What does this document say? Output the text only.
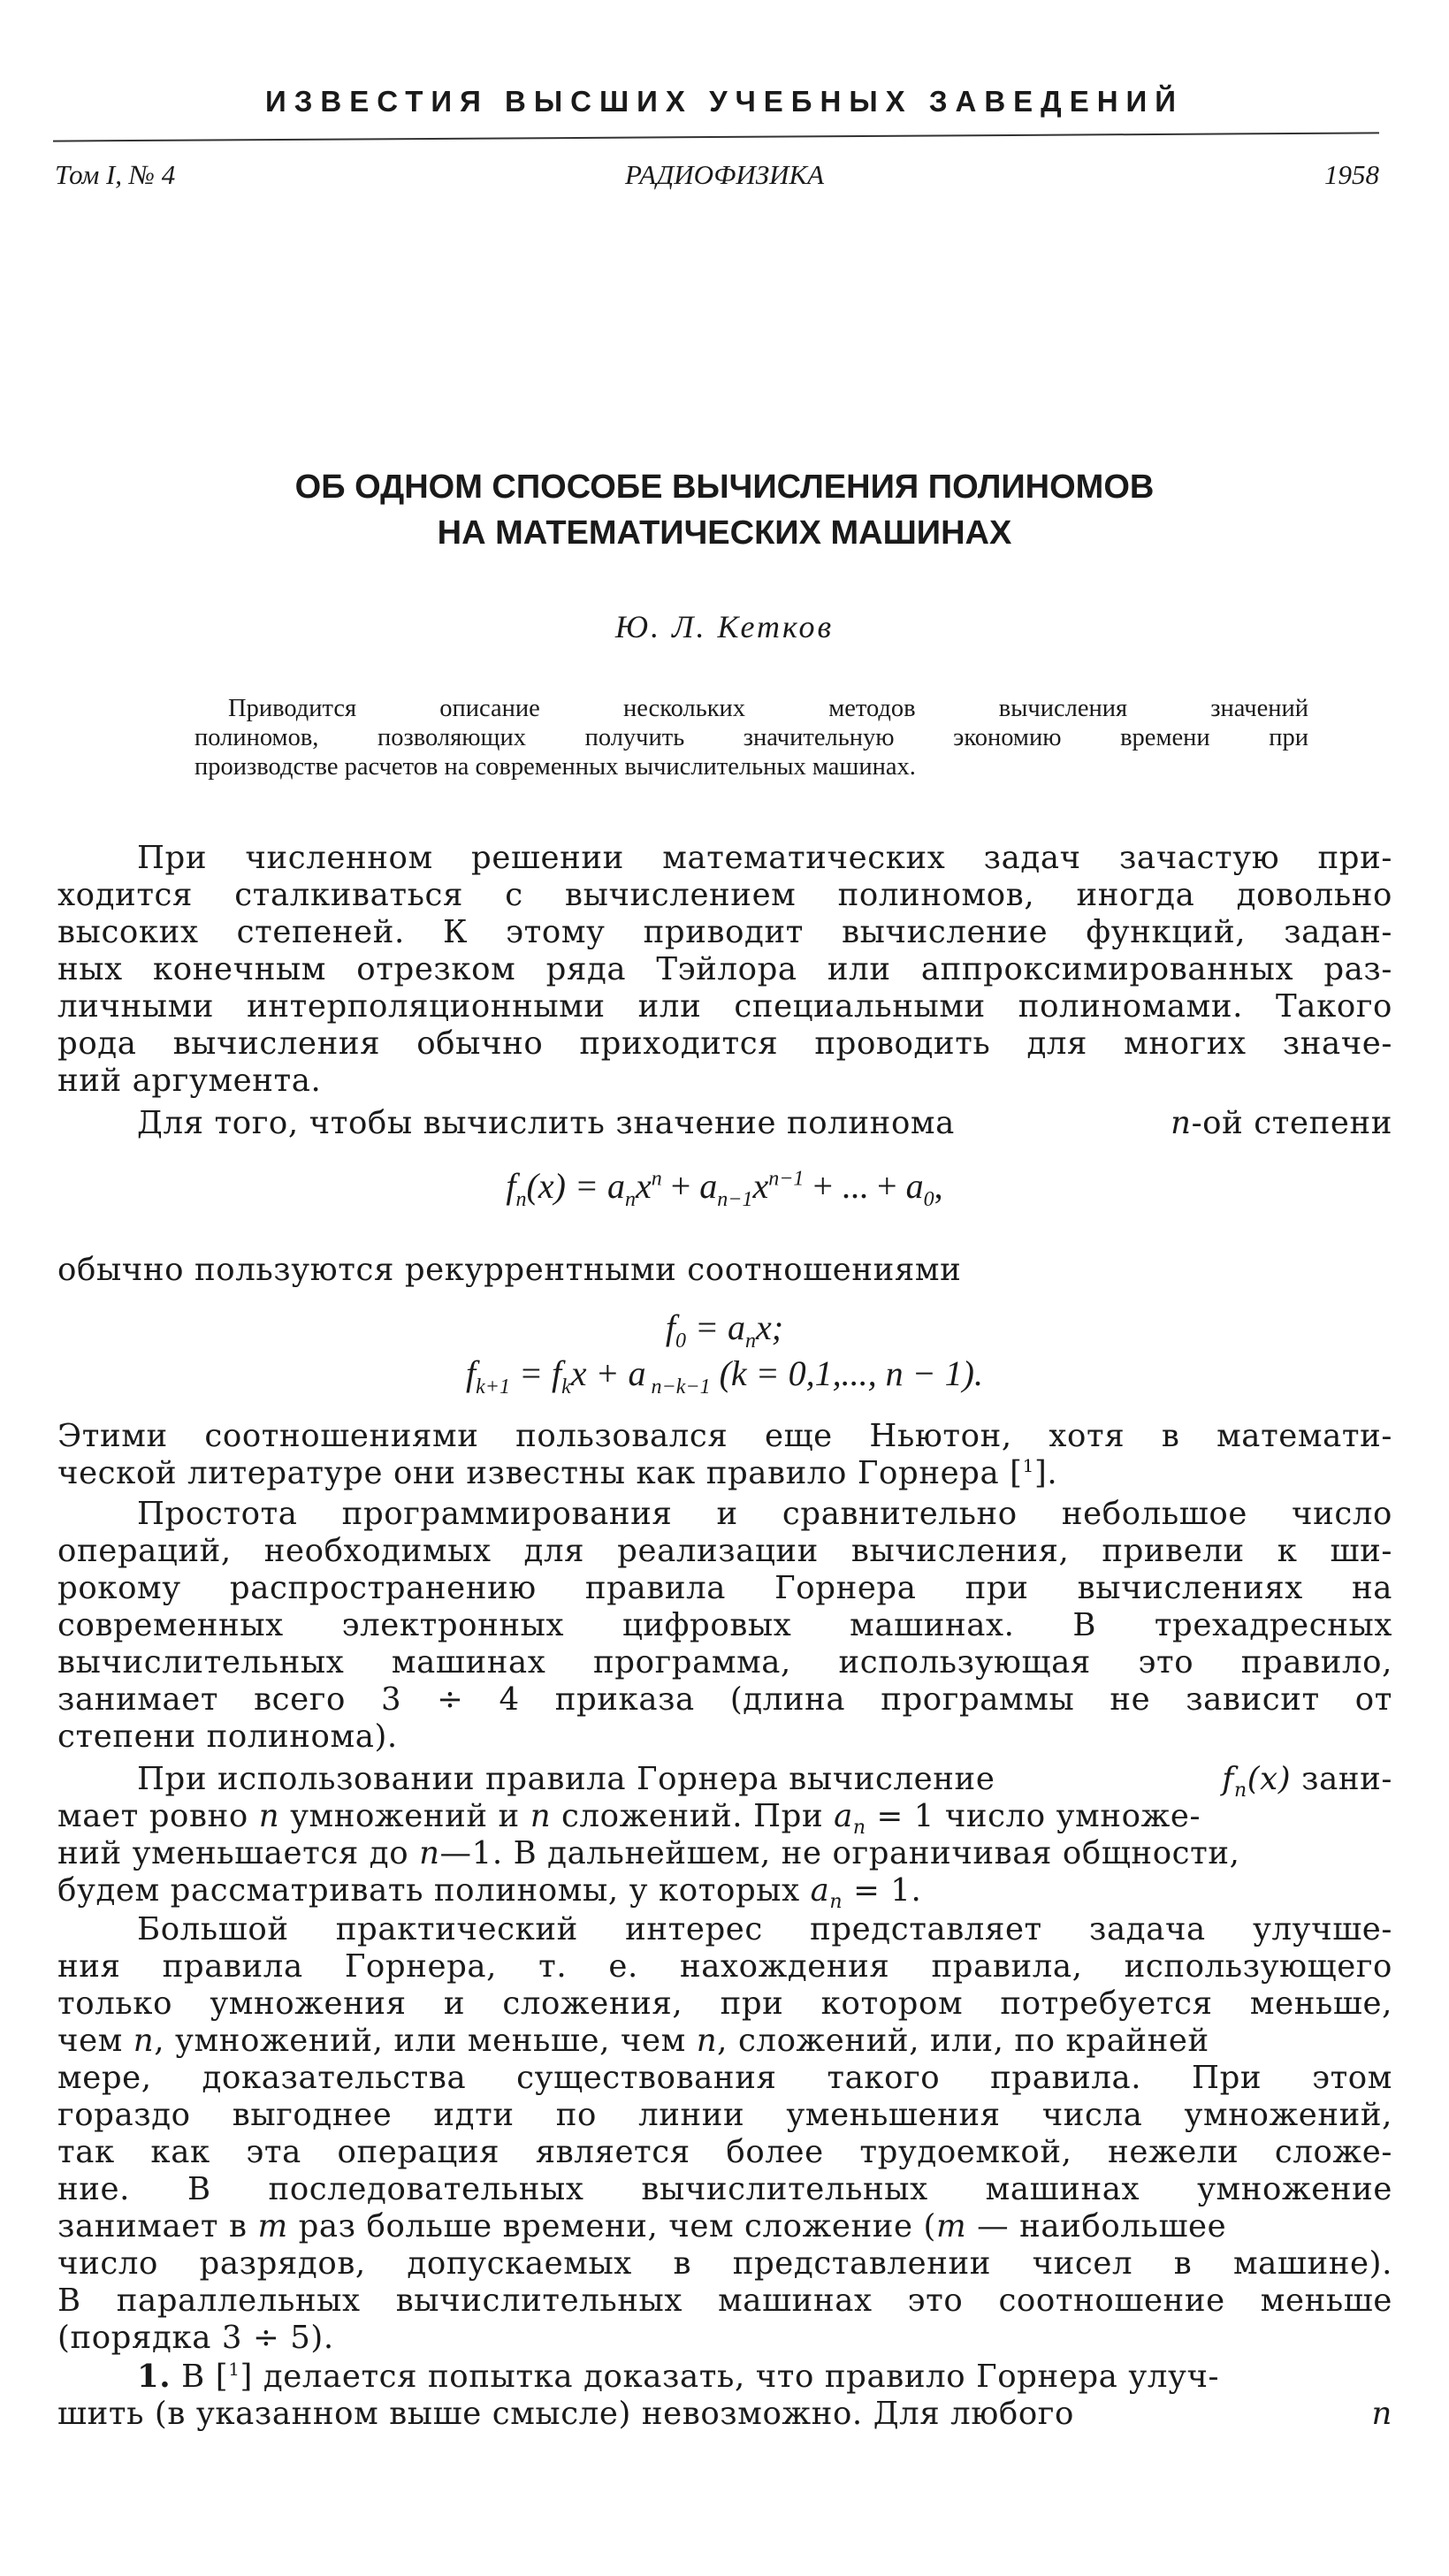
ИЗВЕСТИЯ ВЫСШИХ УЧЕБНЫХ ЗАВЕДЕНИЙ
Том I, № 4	РАДИОФИЗИКА	1958
ОБ ОДНОМ СПОСОБЕ ВЫЧИСЛЕНИЯ ПОЛИНОМОВ
НА МАТЕМАТИЧЕСКИХ МАШИНАХ
Ю. Л. Кетков
Приводится описание нескольких методов вычисления значений
полиномов, позволяющих получить значительную экономию времени при
производстве расчетов на современных вычислительных машинах.
При численном решении математических задач зачастую при-
ходится сталкиваться с вычислением полиномов, иногда довольно
высоких степеней. К этому приводит вычисление функций, задан-
ных конечным отрезком ряда Тэйлора или аппроксимированных раз-
личными интерполяционными или специальными полиномами. Такого
рода вычисления обычно приходится проводить для многих значе-
ний аргумента.
Для того, чтобы вычислить значение полинома	n-ой степени
$f_n(x) = a_nx^n + a_{n-1}x^{n-1}$ + ... + $a_0$,
обычно пользуются рекуррентными соотношениями
$f_0 = a_nx$;
$f_{k+1} = f_kx + a$ $_{n-k-1}$ (k = 0,1,..., n − 1).
Этими соотношениями пользовался еще Ньютон, хотя в математи-
ческой литературе они известны как правило Горнера [$^1$].
Простота программирования и сравнительно небольшое число
операций, необходимых для реализации вычисления, привели к ши-
рокому распространению правила Горнера при вычислениях на
современных электронных цифровых машинах. В трехадресных
вычислительных машинах программа, использующая это правило,
занимает всего 3 ÷ 4 приказа (длина программы не зависит от
степени полинома).
При использовании правила Горнера вычисление	$f_n(x)$ зани-
мает ровно n умножений и n сложений. При $a_n = 1$ число умноже-
ний уменьшается до n—1. В дальнейшем, не ограничивая общности,
будем рассматривать полиномы, у которых $a_n = 1$.
Большой практический интерес представляет задача улучше-
ния правила Горнера, т. е. нахождения правила, использующего
только умножения и сложения, при котором потребуется меньше,
чем n, умножений, или меньше, чем n, сложений, или, по крайней
мере, доказательства существования такого правила. При этом
гораздо выгоднее идти по линии уменьшения числа умножений,
так как эта операция является более трудоемкой, нежели сложе-
ние. В последовательных вычислительных машинах умножение
занимает в m раз больше времени, чем сложение (m — наибольшее
число разрядов, допускаемых в представлении чисел в машине).
В параллельных вычислительных машинах это соотношение меньше
(порядка 3 ÷ 5).
1. В [$^1$] делается попытка доказать, что правило Горнера улуч-
шить (в указанном выше смысле) невозможно. Для любого	n
